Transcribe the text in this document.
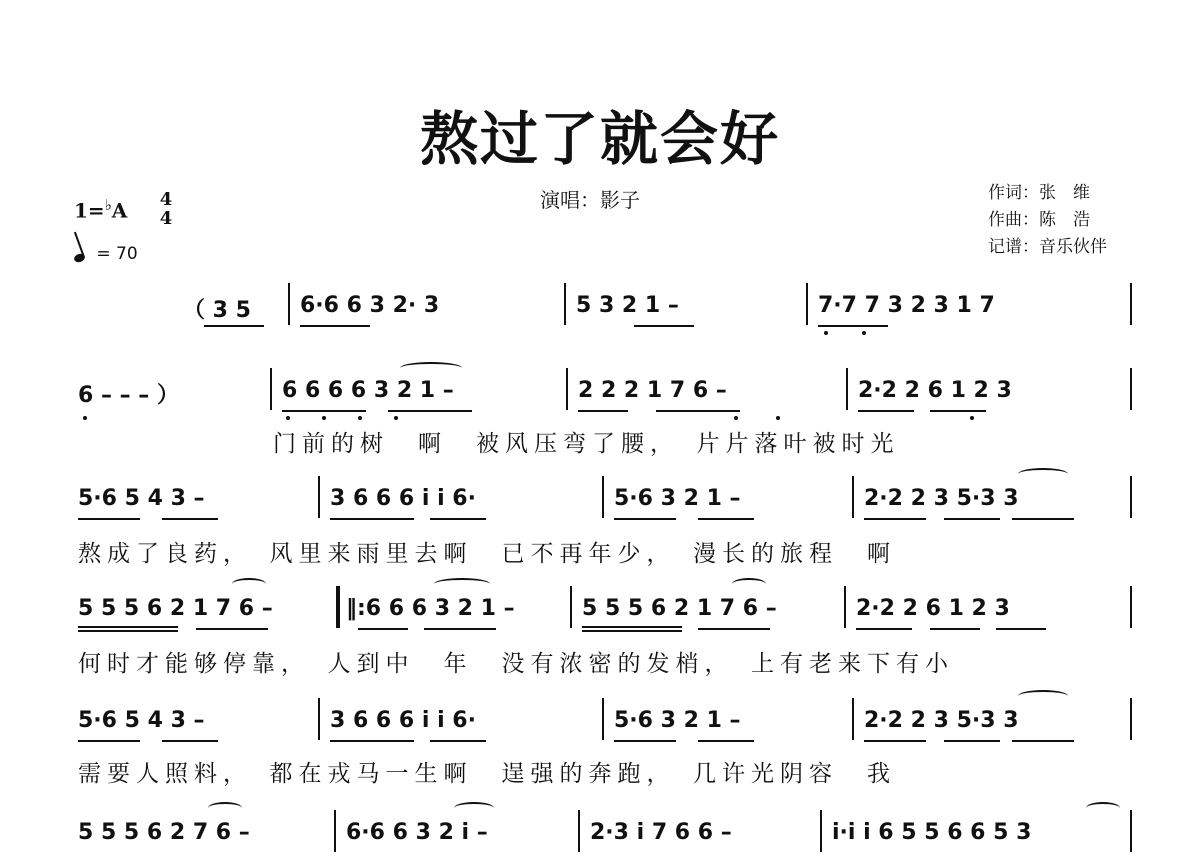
熬过了就会好
演唱：影子	作词：张　维
作曲：陈　浩
记谱：音乐伙伴
1=♭A 4
4
= 70
（ 3 5 6·6 6 3 2· 3	5 3 2 1 –	7·7 7 3 2 3 1 7
6 – – – ）	6 6 6 6 3 2 1 –	2 2 2 1 7 6 –	2·2 2 6 1 2 3
门前的树　啊　被风压弯了腰，　片片落叶被时光
5·6 5 4 3 –	3 6 6 6 i i 6·	5·6 3 2 1 –	2·2 2 3 5·3 3
熬成了良药，　风里来雨里去啊　已不再年少，　漫长的旅程　啊
5 5 5 6 2 1 7 6 –	‖:6 6 6 3 2 1 –	5 5 5 6 2 1 7 6 –	2·2 2 6 1 2 3
何时才能够停靠，　人到中　年　没有浓密的发梢，　上有老来下有小
5·6 5 4 3 –	3 6 6 6 i i 6·	5·6 3 2 1 –	2·2 2 3 5·3 3
需要人照料，　都在戎马一生啊　逞强的奔跑，　几许光阴容　我
5 5 5 6 2 7 6 –	6·6 6 3 2 i –	2·3 i 7 6 6 –	i·i i 6 5 5 6 6 5 3
